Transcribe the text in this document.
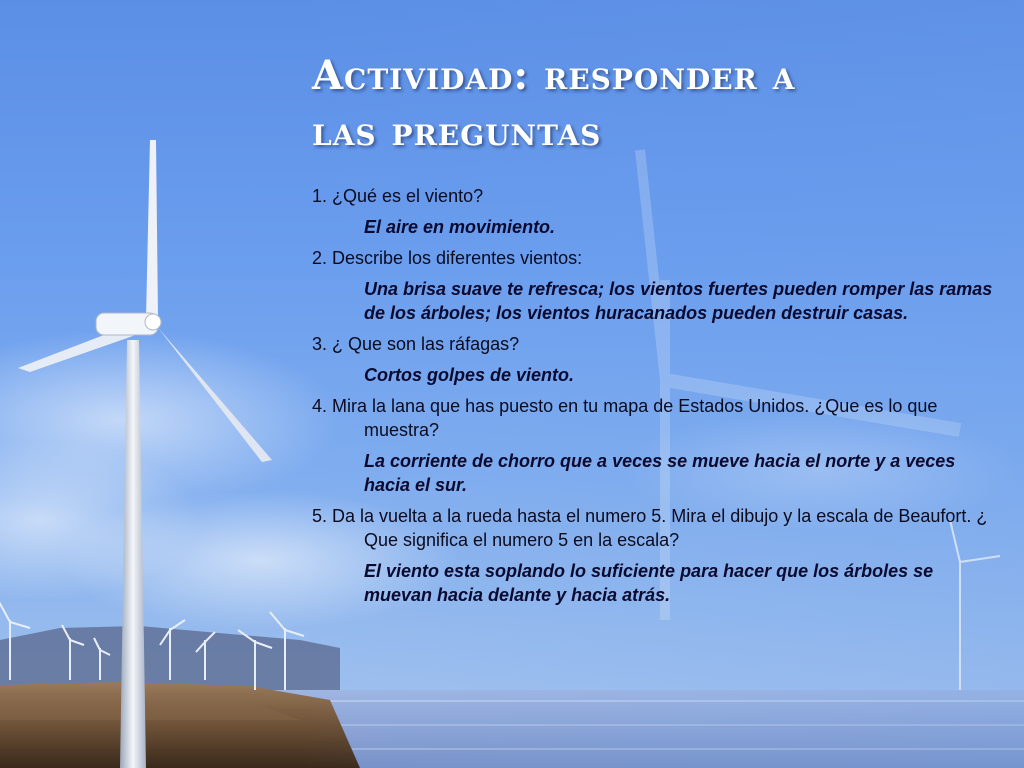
Actividad: responder a
las preguntas
1. ¿Qué es el viento?
El aire en movimiento.
2. Describe los diferentes vientos:
Una brisa suave te refresca; los vientos fuertes pueden romper las ramas de los árboles; los vientos huracanados pueden destruir casas.
3. ¿ Que son las ráfagas?
Cortos golpes de viento.
4. Mira la lana que has puesto en tu mapa de Estados Unidos. ¿Que es lo que muestra?
La corriente de chorro que a veces se mueve hacia el norte y a veces hacia el sur.
5. Da la vuelta a la rueda hasta el numero 5. Mira el dibujo y la escala de Beaufort. ¿ Que significa el numero 5 en la escala?
El viento esta soplando lo suficiente para hacer que los árboles se muevan hacia delante y hacia atrás.
